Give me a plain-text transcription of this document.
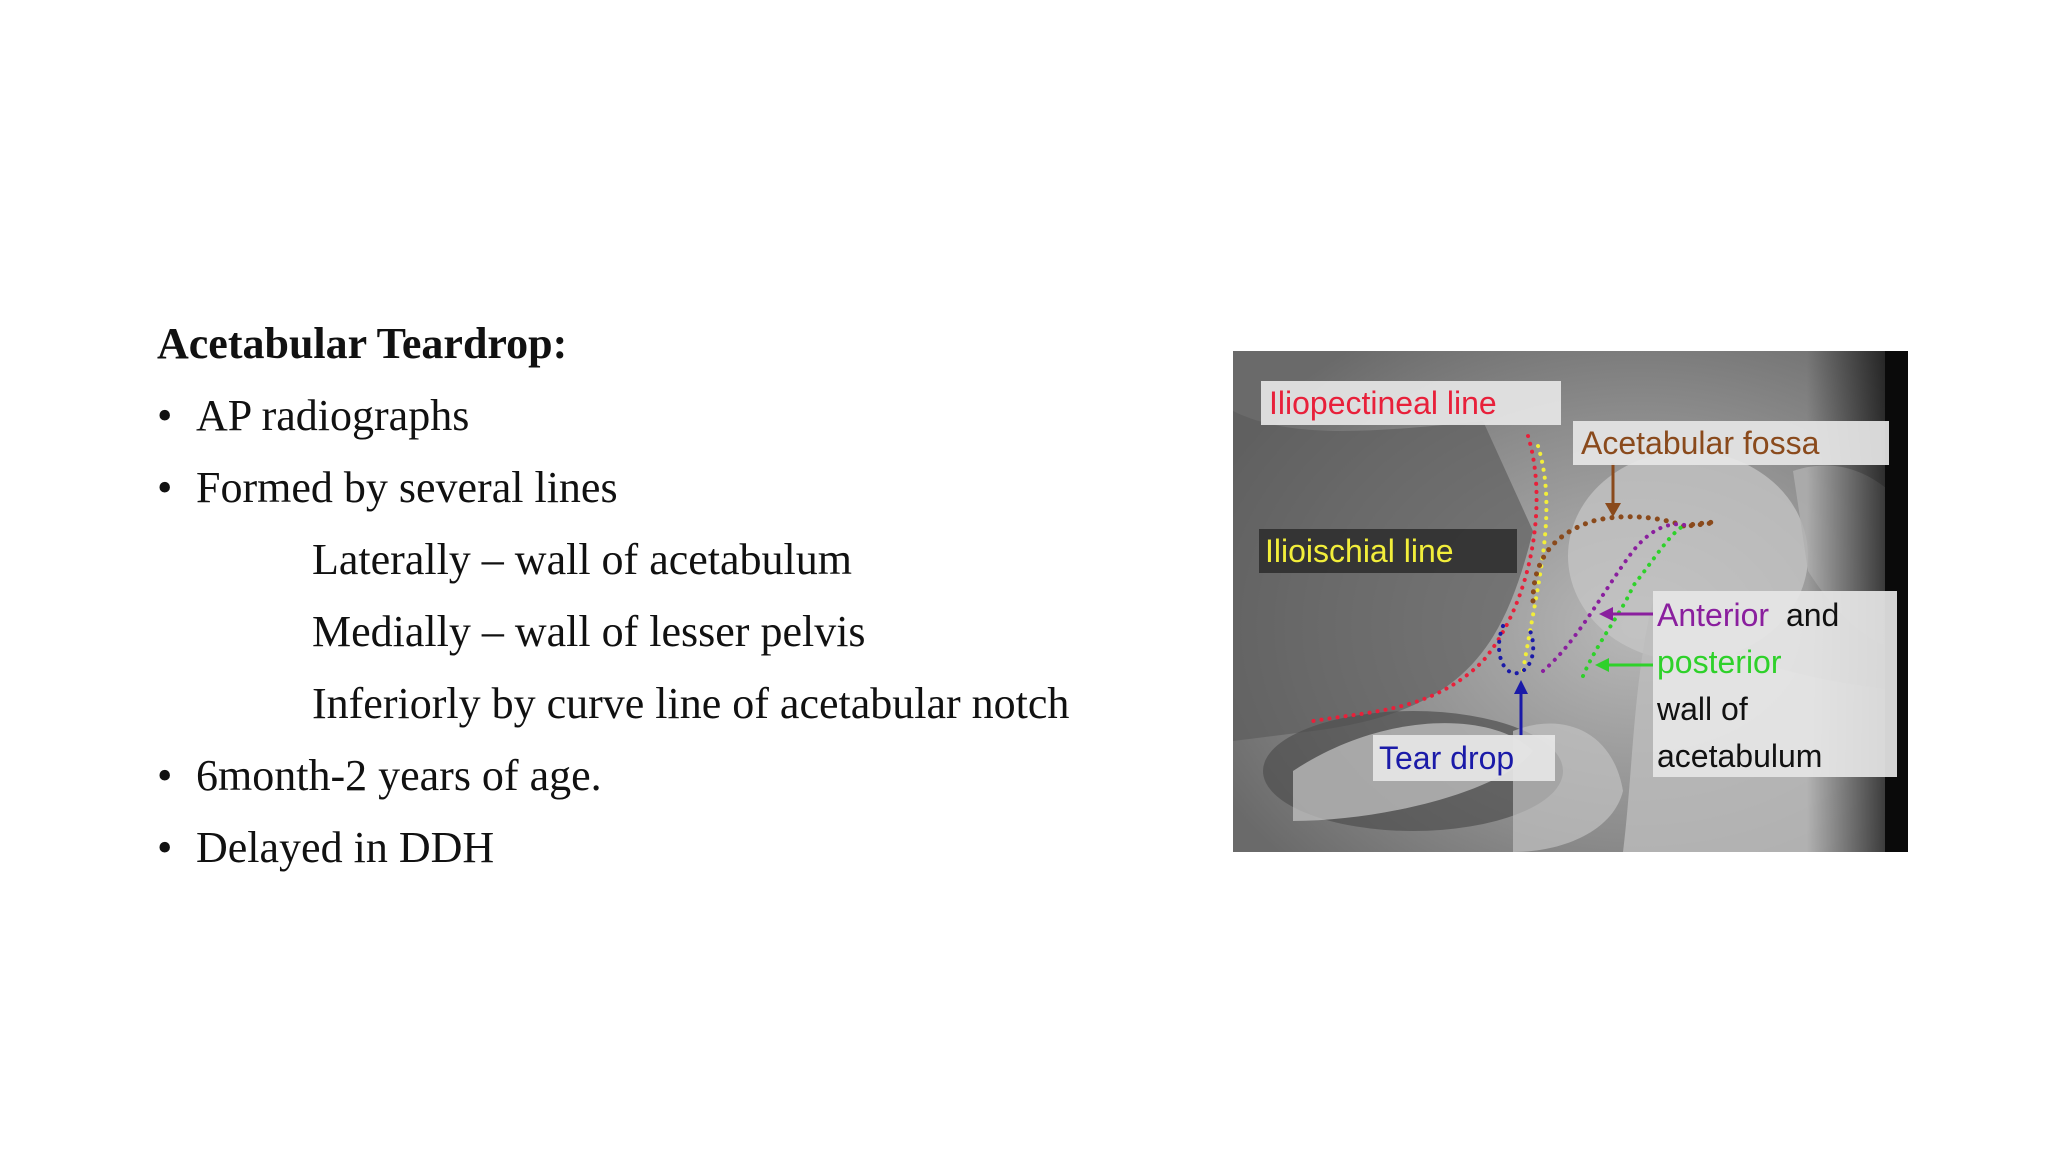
Acetabular Teardrop:
• AP radiographs
• Formed by several lines
Laterally – wall of acetabulum
Medially – wall of lesser pelvis
Inferiorly by curve line of acetabular notch
• 6month-2 years of age.
• Delayed in DDH
Iliopectineal line
Acetabular fossa
Ilioischial line
Anterior and
posterior
wall of
acetabulum
Tear drop
